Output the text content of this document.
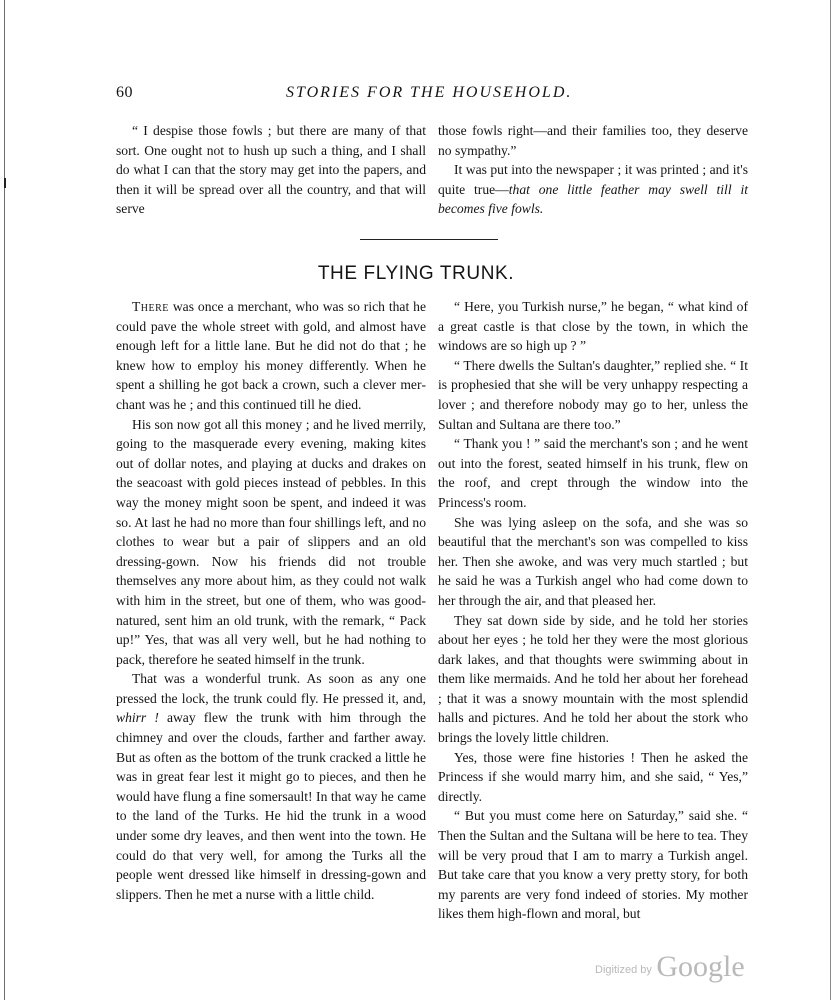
60	STORIES FOR THE HOUSEHOLD.

“ I despise those fowls ; but there are many of that sort. One ought not to hush up such a thing, and I shall do what I can that the story may get into the papers, and then it will be spread over all the country, and that will serve

those fowls right—and their families too, they deserve no sympathy.”

It was put into the newspaper ; it was printed ; and it's quite true—that one little feather may swell till it becomes five fowls.

THE FLYING TRUNK.

There was once a merchant, who was so rich that he could pave the whole street with gold, and almost have enough left for a little lane. But he did not do that ; he knew how to employ his money differently. When he spent a shilling he got back a crown, such a clever merchant was he ; and this continued till he died.

His son now got all this money ; and he lived merrily, going to the masquerade every evening, making kites out of dollar notes, and playing at ducks and drakes on the seacoast with gold pieces instead of pebbles. In this way the money might soon be spent, and indeed it was so. At last he had no more than four shillings left, and no clothes to wear but a pair of slippers and an old dressing-gown. Now his friends did not trouble themselves any more about him, as they could not walk with him in the street, but one of them, who was good-natured, sent him an old trunk, with the remark, “ Pack up!” Yes, that was all very well, but he had nothing to pack, therefore he seated himself in the trunk.

That was a wonderful trunk. As soon as any one pressed the lock, the trunk could fly. He pressed it, and, whirr ! away flew the trunk with him through the chimney and over the clouds, farther and farther away. But as often as the bottom of the trunk cracked a little he was in great fear lest it might go to pieces, and then he would have flung a fine somersault! In that way he came to the land of the Turks. He hid the trunk in a wood under some dry leaves, and then went into the town. He could do that very well, for among the Turks all the people went dressed like himself in dressing-gown and slippers. Then he met a nurse with a little child.

“ Here, you Turkish nurse,” he began, “ what kind of a great castle is that close by the town, in which the windows are so high up ? ”

“ There dwells the Sultan's daughter,” replied she. “ It is prophesied that she will be very unhappy respecting a lover ; and therefore nobody may go to her, unless the Sultan and Sultana are there too.”

“ Thank you ! ” said the merchant's son ; and he went out into the forest, seated himself in his trunk, flew on the roof, and crept through the window into the Princess's room.

She was lying asleep on the sofa, and she was so beautiful that the merchant's son was compelled to kiss her. Then she awoke, and was very much startled ; but he said he was a Turkish angel who had come down to her through the air, and that pleased her.

They sat down side by side, and he told her stories about her eyes ; he told her they were the most glorious dark lakes, and that thoughts were swimming about in them like mermaids. And he told her about her forehead ; that it was a snowy mountain with the most splendid halls and pictures. And he told her about the stork who brings the lovely little children.

Yes, those were fine histories ! Then he asked the Princess if she would marry him, and she said, “ Yes,” directly.

“ But you must come here on Saturday,” said she. “ Then the Sultan and the Sultana will be here to tea. They will be very proud that I am to marry a Turkish angel. But take care that you know a very pretty story, for both my parents are very fond indeed of stories. My mother likes them high-flown and moral, but

Digitized by Google
